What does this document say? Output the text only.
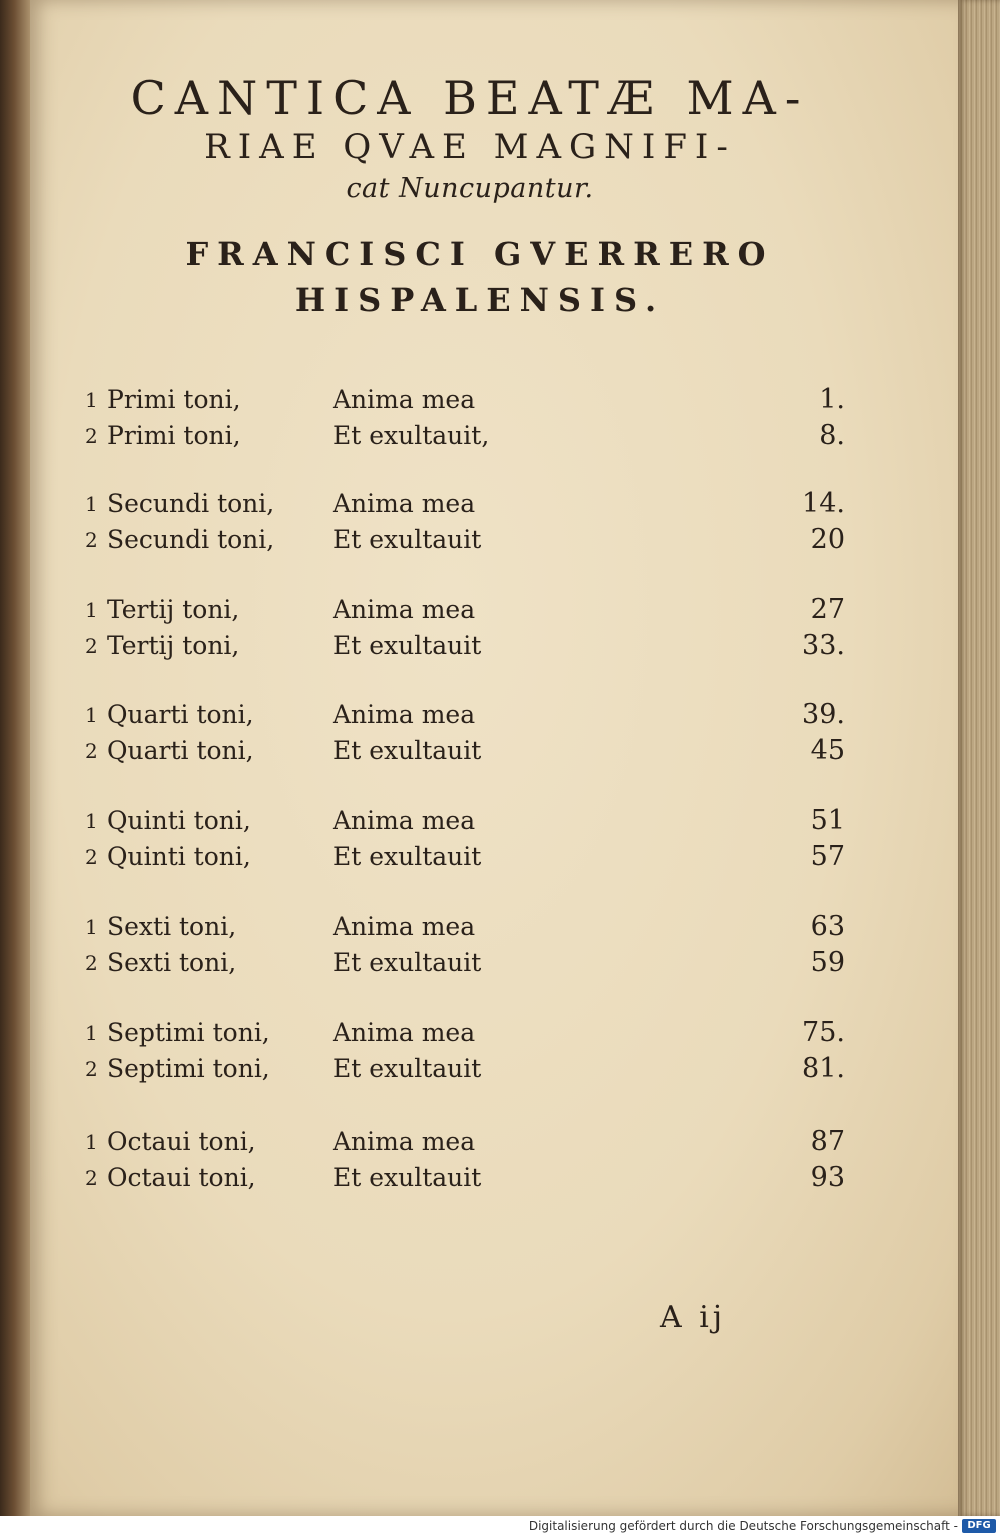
CANTICA BEATÆ MA-
RIAE QVAE MAGNIFI-
cat Nuncupantur.
FRANCISCI GVERRERO
HISPALENSIS.
1 Primi toni,	Anima mea	1.
2 Primi toni,	Et exultauit,	8.
1 Secundi toni,	Anima mea	14.
2 Secundi toni,	Et exultauit	20
1 Tertij toni,	Anima mea	27
2 Tertij toni,	Et exultauit	33.
1 Quarti toni,	Anima mea	39.
2 Quarti toni,	Et exultauit	45
1 Quinti toni,	Anima mea	51
2 Quinti toni,	Et exultauit	57
1 Sexti toni,	Anima mea	63
2 Sexti toni,	Et exultauit	59
1 Septimi toni,	Anima mea	75.
2 Septimi toni,	Et exultauit	81.
1 Octaui toni,	Anima mea	87
2 Octaui toni,	Et exultauit	93
A ij
Digitalisierung gefördert durch die Deutsche Forschungsgemeinschaft - DFG
